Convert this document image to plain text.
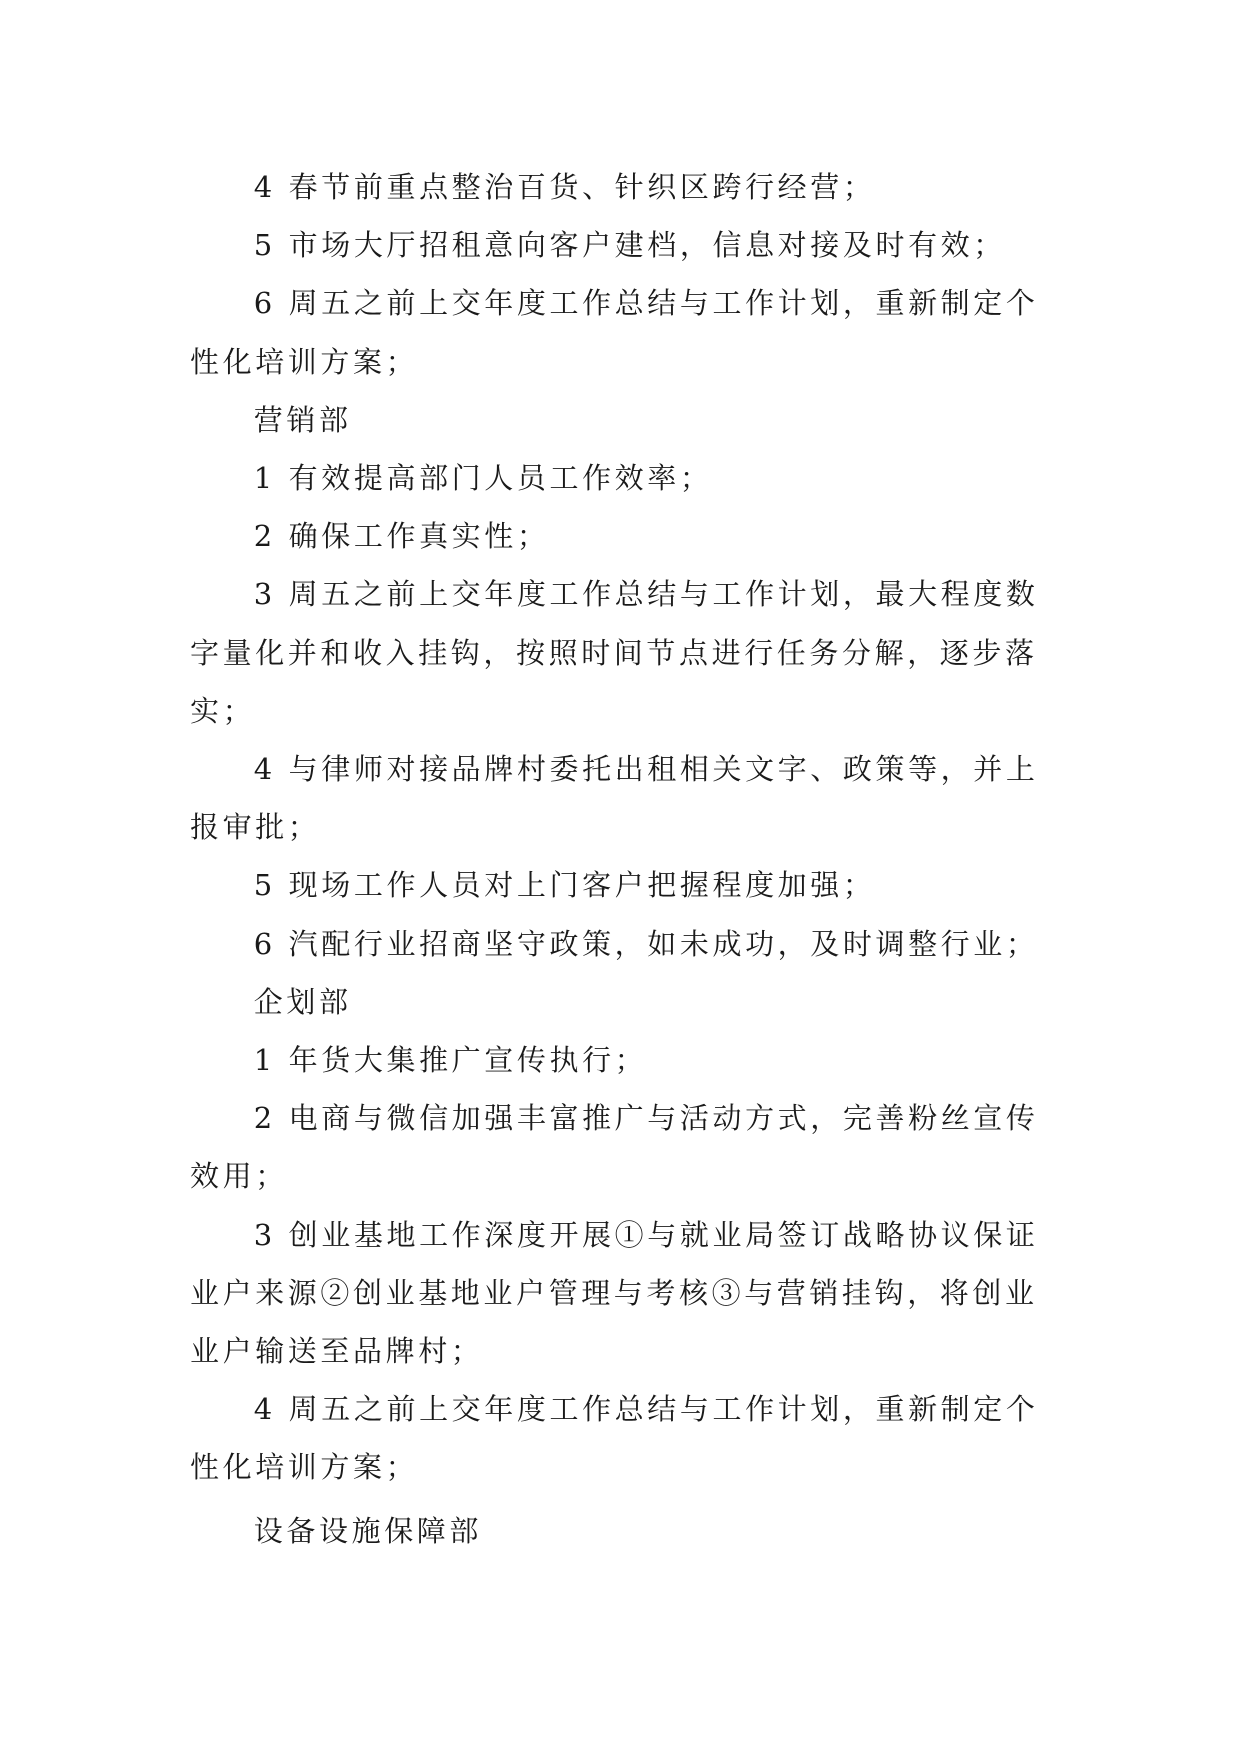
4 春节前重点整治百货、针织区跨行经营；

5 市场大厅招租意向客户建档，信息对接及时有效；

6 周五之前上交年度工作总结与工作计划，重新制定个性化培训方案；

营销部

1 有效提高部门人员工作效率；

2 确保工作真实性；

3 周五之前上交年度工作总结与工作计划，最大程度数字量化并和收入挂钩，按照时间节点进行任务分解，逐步落实；

4 与律师对接品牌村委托出租相关文字、政策等，并上报审批；

5 现场工作人员对上门客户把握程度加强；

6 汽配行业招商坚守政策，如未成功，及时调整行业；

企划部

1 年货大集推广宣传执行；

2 电商与微信加强丰富推广与活动方式，完善粉丝宣传效用；

3 创业基地工作深度开展①与就业局签订战略协议保证业户来源②创业基地业户管理与考核③与营销挂钩，将创业业户输送至品牌村；

4 周五之前上交年度工作总结与工作计划，重新制定个性化培训方案；

设备设施保障部
